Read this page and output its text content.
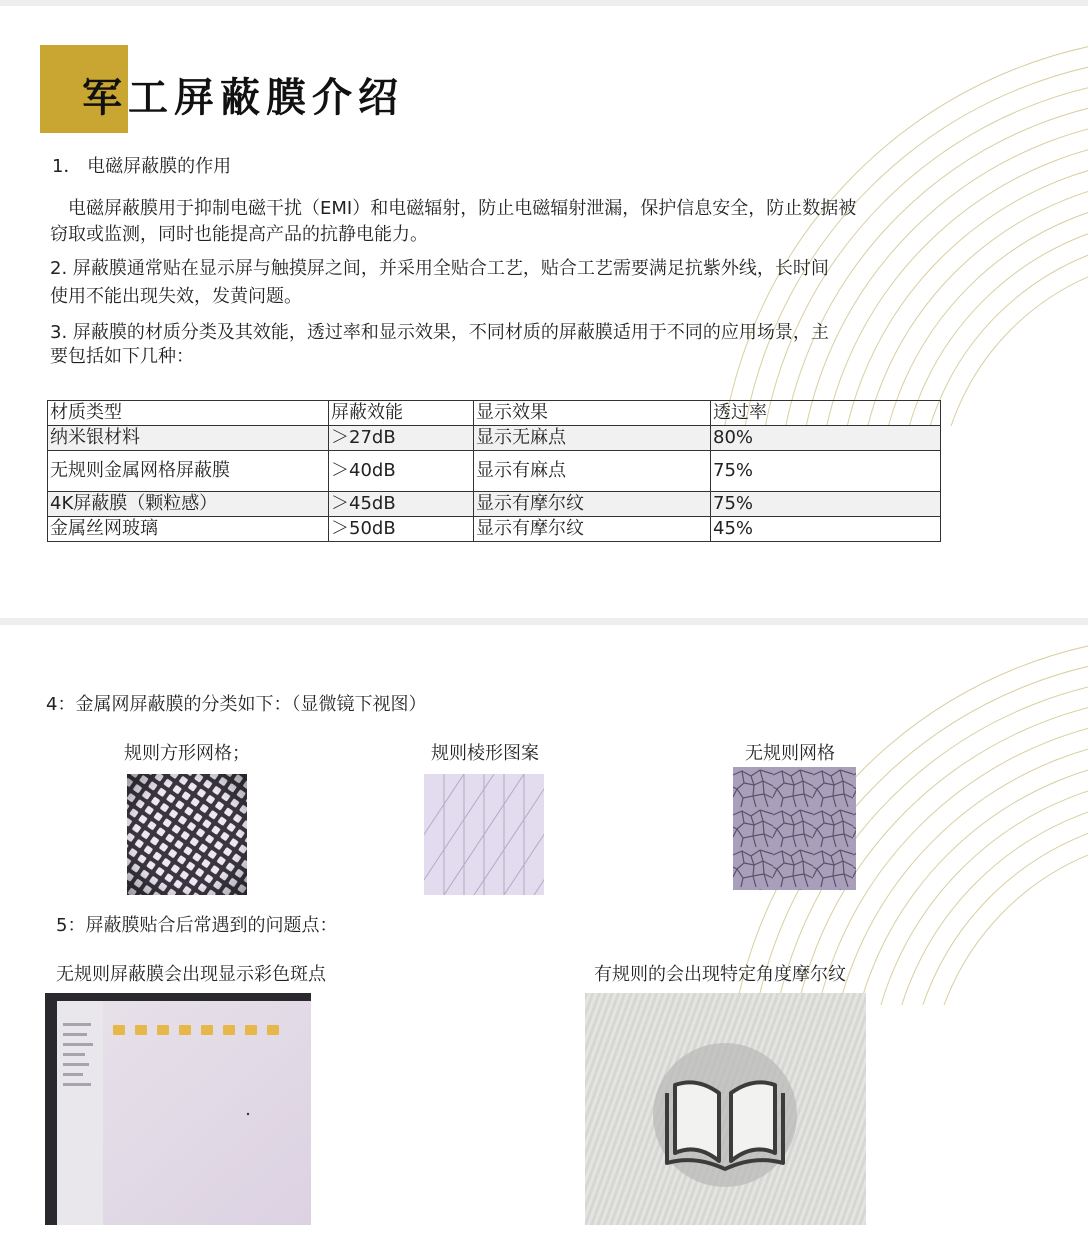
军工屏蔽膜介绍
1． 电磁屏蔽膜的作用
电磁屏蔽膜用于抑制电磁干扰（EMI）和电磁辐射，防止电磁辐射泄漏，保护信息安全，防止数据被
窃取或监测，同时也能提高产品的抗静电能力。
2. 屏蔽膜通常贴在显示屏与触摸屏之间，并采用全贴合工艺，贴合工艺需要满足抗紫外线，长时间
使用不能出现失效，发黄问题。
3. 屏蔽膜的材质分类及其效能，透过率和显示效果，不同材质的屏蔽膜适用于不同的应用场景，主
要包括如下几种：
材质类型	屏蔽效能	显示效果	透过率
纳米银材料	＞27dB	显示无麻点	80%
无规则金属网格屏蔽膜	＞40dB	显示有麻点	75%
4K屏蔽膜（颗粒感）	＞45dB	显示有摩尔纹	75%
金属丝网玻璃	＞50dB	显示有摩尔纹	45%
4：金属网屏蔽膜的分类如下：（显微镜下视图）
规则方形网格；	规则棱形图案	无规则网格
5：屏蔽膜贴合后常遇到的问题点：
无规则屏蔽膜会出现显示彩色斑点	有规则的会出现特定角度摩尔纹
